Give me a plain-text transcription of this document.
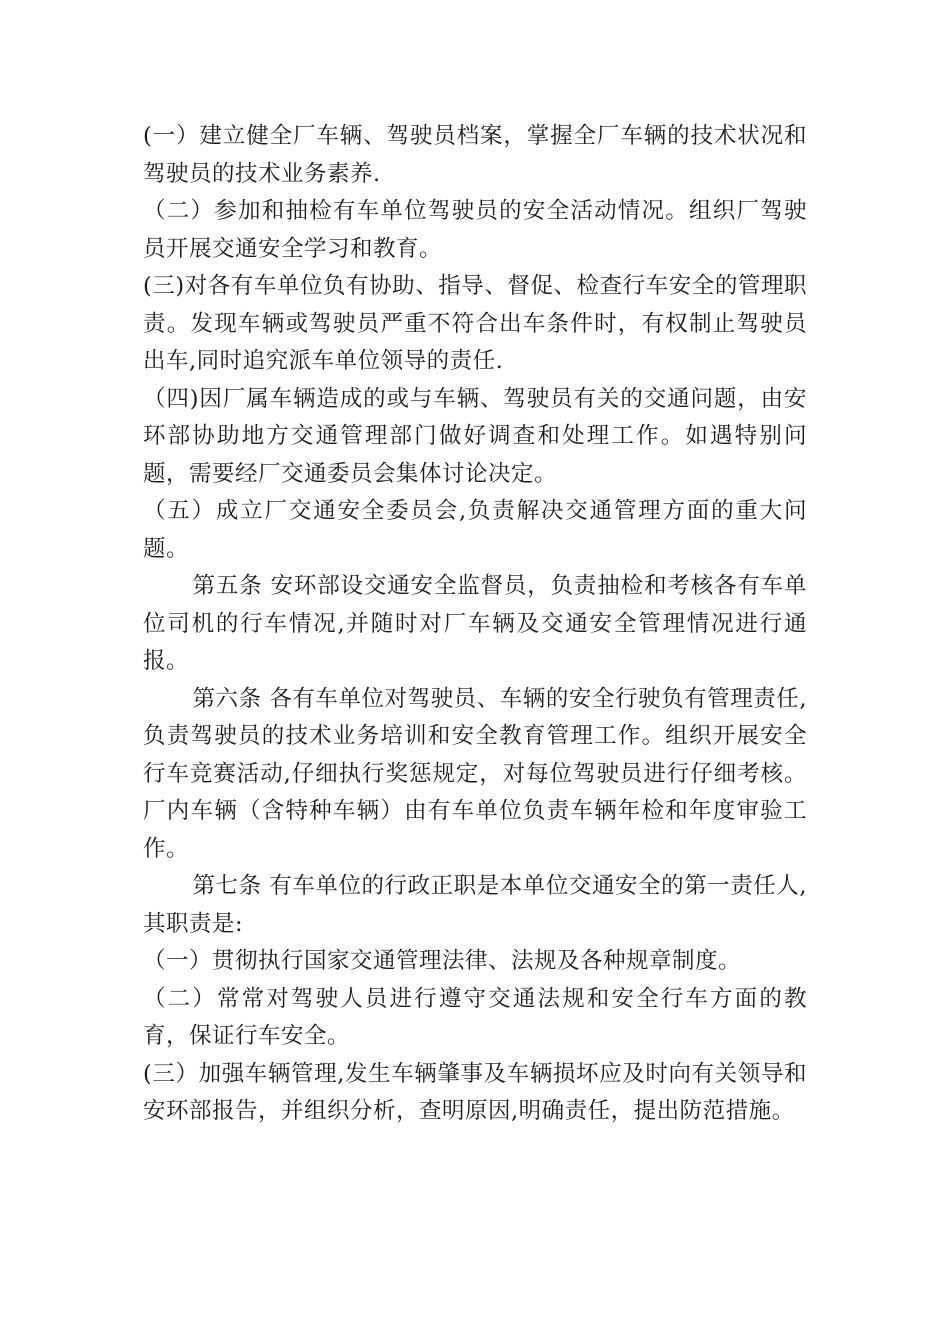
(一）建立健全厂车辆、驾驶员档案，掌握全厂车辆的技术状况和驾驶员的技术业务素养.

（二）参加和抽检有车单位驾驶员的安全活动情况。组织厂驾驶员开展交通安全学习和教育。

(三)对各有车单位负有协助、指导、督促、检查行车安全的管理职责。发现车辆或驾驶员严重不符合出车条件时，有权制止驾驶员出车,同时追究派车单位领导的责任.

（四)因厂属车辆造成的或与车辆、驾驶员有关的交通问题，由安环部协助地方交通管理部门做好调查和处理工作。如遇特别问题，需要经厂交通委员会集体讨论决定。

（五）成立厂交通安全委员会,负责解决交通管理方面的重大问题。

第五条 安环部设交通安全监督员，负责抽检和考核各有车单位司机的行车情况,并随时对厂车辆及交通安全管理情况进行通报。

第六条 各有车单位对驾驶员、车辆的安全行驶负有管理责任,负责驾驶员的技术业务培训和安全教育管理工作。组织开展安全行车竞赛活动,仔细执行奖惩规定，对每位驾驶员进行仔细考核。厂内车辆（含特种车辆）由有车单位负责车辆年检和年度审验工作。

第七条 有车单位的行政正职是本单位交通安全的第一责任人,其职责是:

（一）贯彻执行国家交通管理法律、法规及各种规章制度。

（二）常常对驾驶人员进行遵守交通法规和安全行车方面的教育，保证行车安全。

(三）加强车辆管理,发生车辆肇事及车辆损坏应及时向有关领导和安环部报告，并组织分析，查明原因,明确责任，提出防范措施。
